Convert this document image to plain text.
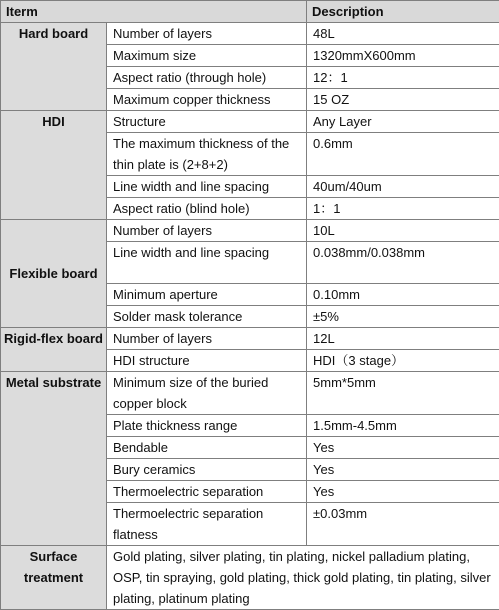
Iterm		Description
Hard board	Number of layers	48L
	Maximum size	1320mmX600mm
	Aspect ratio (through hole)	12：1
	Maximum copper thickness	15 OZ
HDI	Structure	Any Layer
	The maximum thickness of the thin plate is (2+8+2)	0.6mm
	Line width and line spacing	40um/40um
	Aspect ratio (blind hole)	1：1
Flexible board	Number of layers	10L
	Line width and line spacing	0.038mm/0.038mm
	Minimum aperture	0.10mm
	Solder mask tolerance	±5%
Rigid-flex board	Number of layers	12L
	HDI structure	HDI（3 stage）
Metal substrate	Minimum size of the buried copper block	5mm*5mm
	Plate thickness range	1.5mm-4.5mm
	Bendable	Yes
	Bury ceramics	Yes
	Thermoelectric separation	Yes
	Thermoelectric separation flatness	±0.03mm
Surface treatment	Gold plating, silver plating, tin plating, nickel palladium plating, OSP, tin spraying, gold plating, thick gold plating, tin plating, silver plating, platinum plating	
